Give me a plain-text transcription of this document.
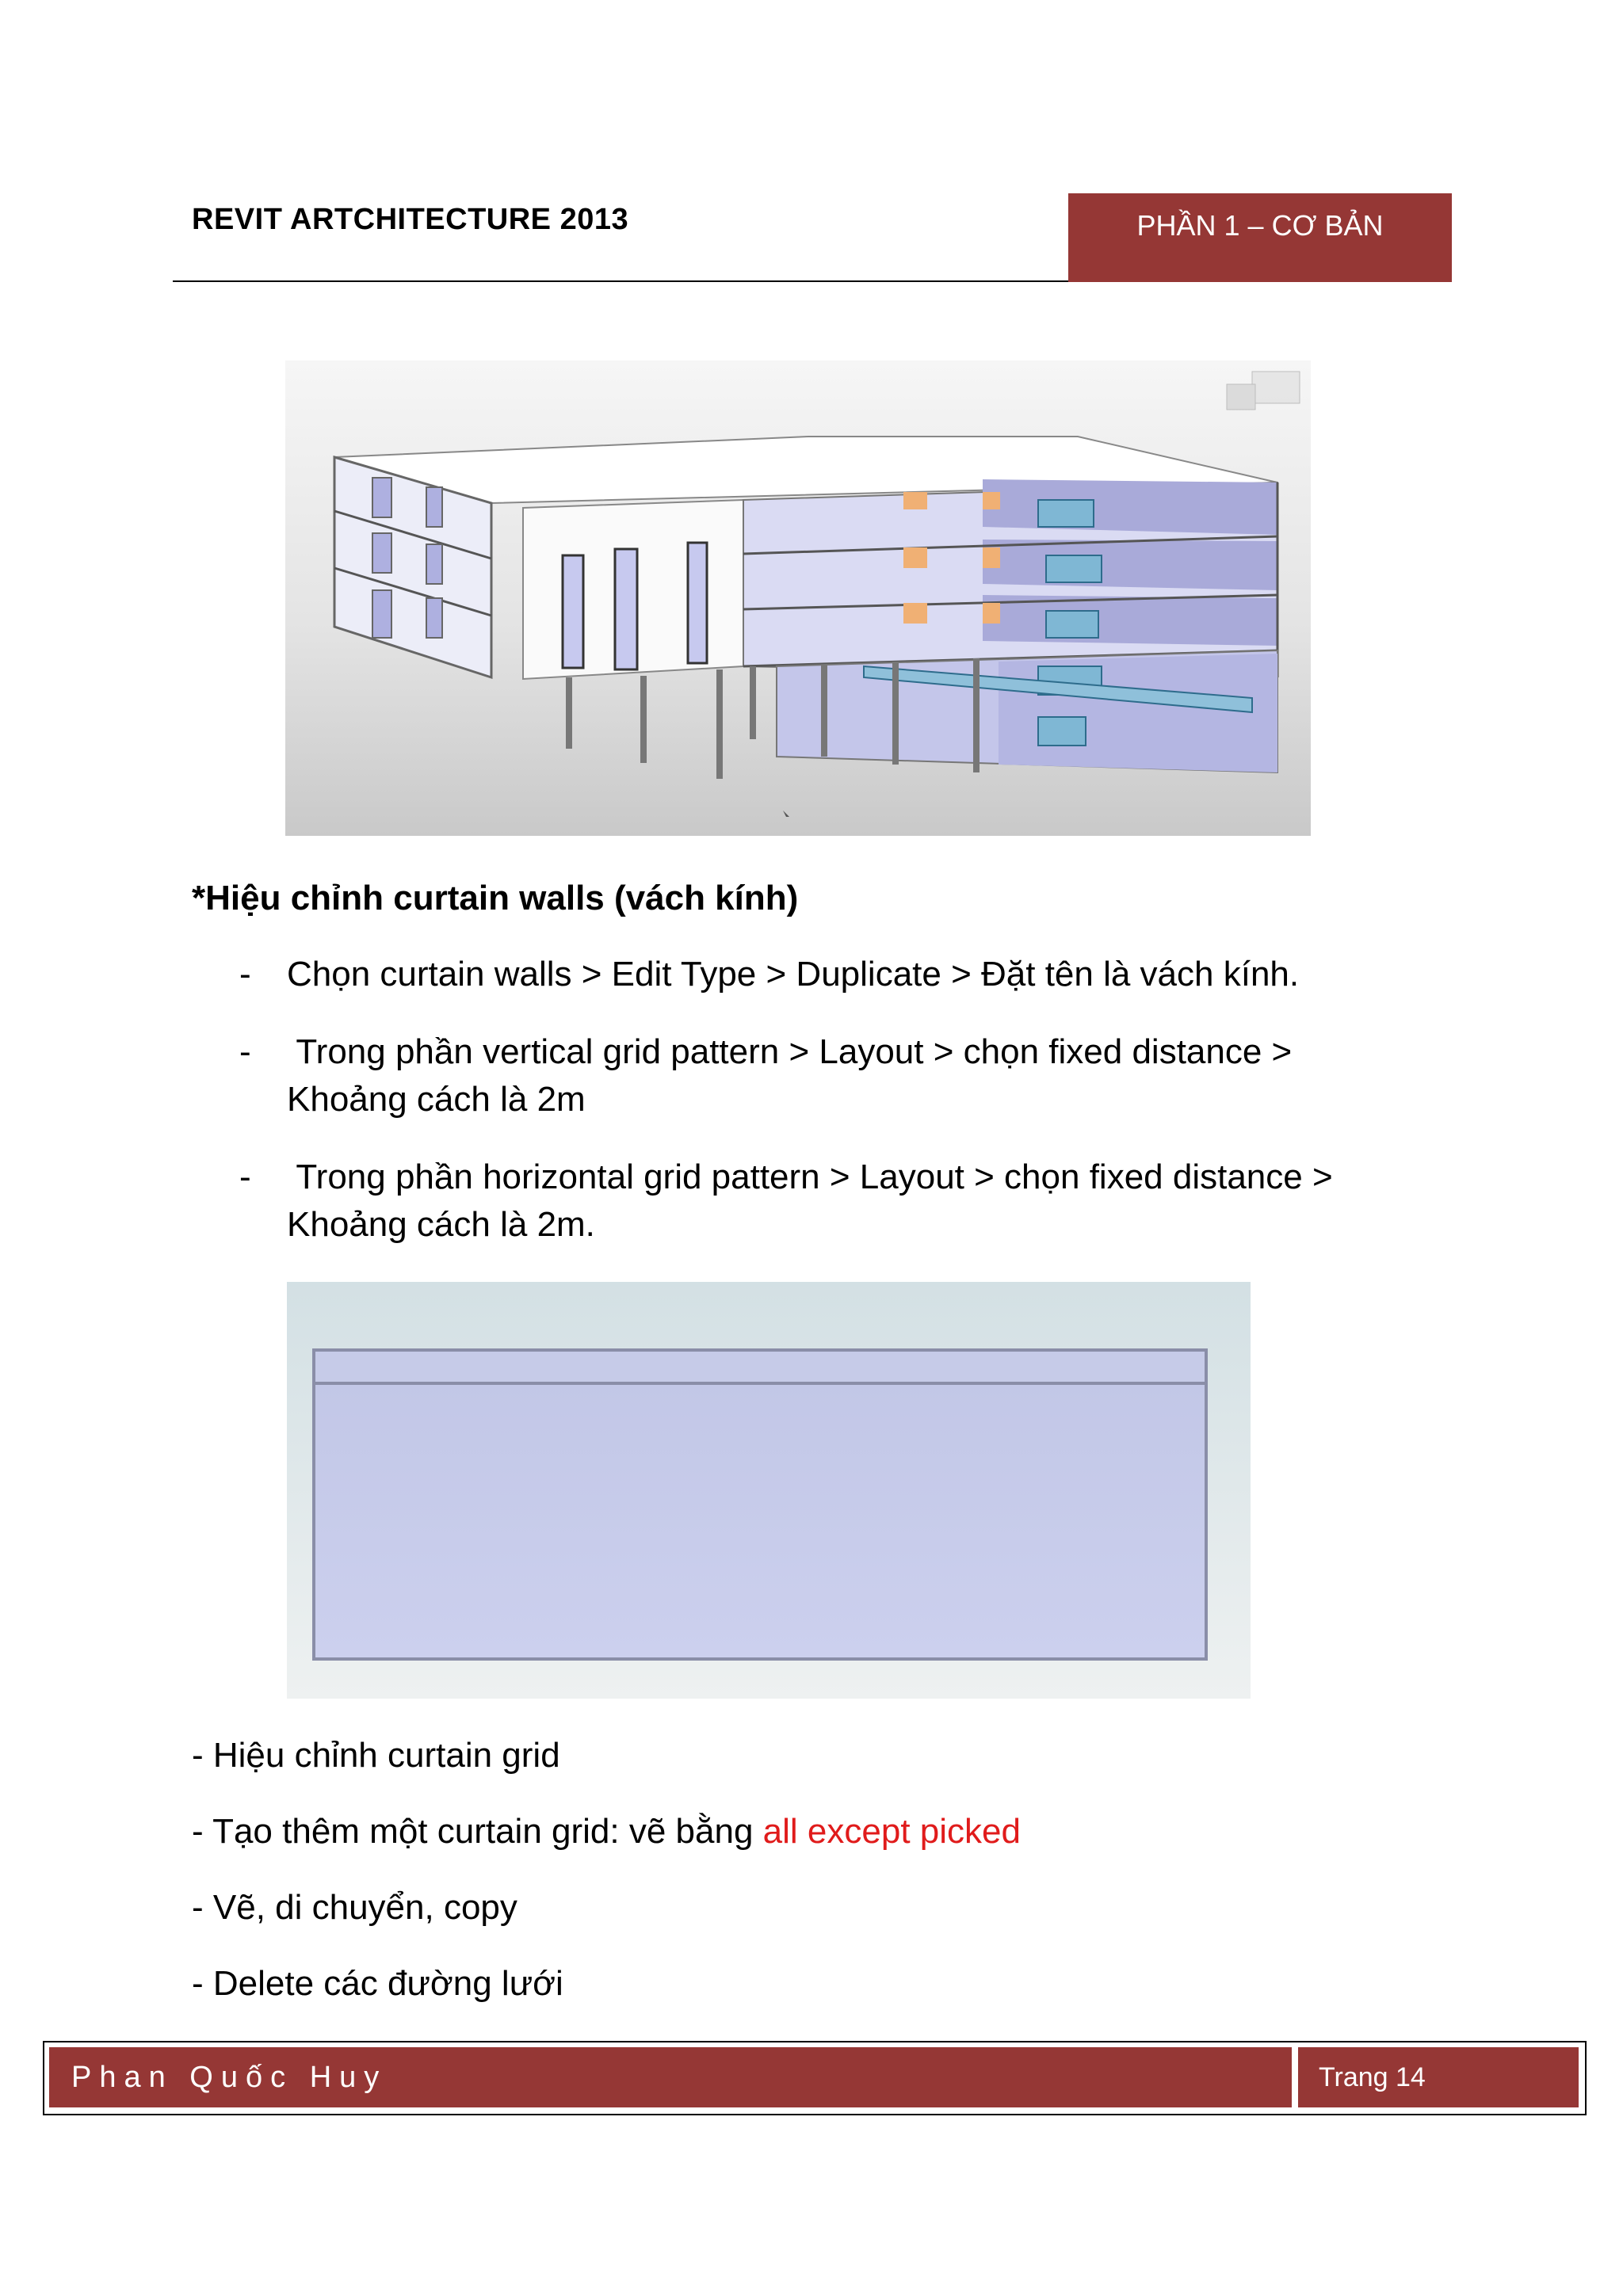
REVIT ARTCHITECTURE 2013	PHẦN 1 – CƠ BẢN
*Hiệu chỉnh curtain walls (vách kính)
- Chọn curtain walls > Edit Type > Duplicate > Đặt tên là vách kính.
- Trong phần vertical grid pattern > Layout > chọn fixed distance >
Khoảng cách là 2m
- Trong phần horizontal grid pattern > Layout > chọn fixed distance >
Khoảng cách là 2m.
- Hiệu chỉnh curtain grid
- Tạo thêm một curtain grid: vẽ bằng all except picked
- Vẽ, di chuyển, copy
- Delete các đường lưới
Phan Quốc Huy	Trang
14
